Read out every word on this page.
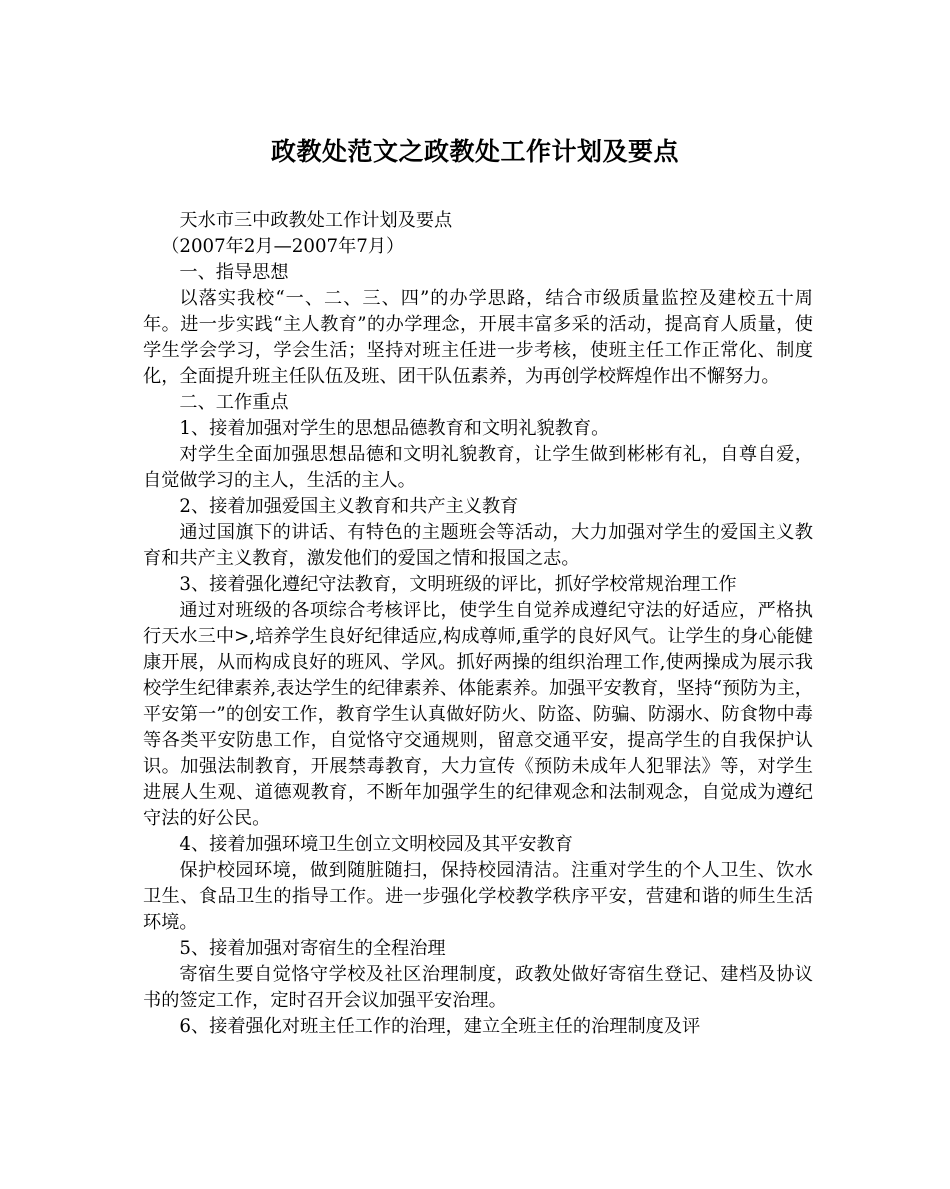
政教处范文之政教处工作计划及要点

天水市三中政教处工作计划及要点

（2007年2月—2007年7月）

一、指导思想

以落实我校“一、二、三、四”的办学思路，结合市级质量监控及建校五十周年。进一步实践“主人教育”的办学理念，开展丰富多采的活动，提高育人质量，使学生学会学习，学会生活；坚持对班主任进一步考核，使班主任工作正常化、制度化，全面提升班主任队伍及班、团干队伍素养，为再创学校辉煌作出不懈努力。

二、工作重点

1、接着加强对学生的思想品德教育和文明礼貌教育。

对学生全面加强思想品德和文明礼貌教育，让学生做到彬彬有礼，自尊自爱，自觉做学习的主人，生活的主人。

2、接着加强爱国主义教育和共产主义教育

通过国旗下的讲话、有特色的主题班会等活动，大力加强对学生的爱国主义教育和共产主义教育，激发他们的爱国之情和报国之志。

3、接着强化遵纪守法教育，文明班级的评比，抓好学校常规治理工作

通过对班级的各项综合考核评比，使学生自觉养成遵纪守法的好适应，严格执行天水三中>,培养学生良好纪律适应,构成尊师,重学的良好风气。让学生的身心能健康开展，从而构成良好的班风、学风。抓好两操的组织治理工作,使两操成为展示我校学生纪律素养,表达学生的纪律素养、体能素养。加强平安教育，坚持“预防为主，平安第一”的创安工作，教育学生认真做好防火、防盗、防骗、防溺水、防食物中毒等各类平安防患工作，自觉恪守交通规则，留意交通平安，提高学生的自我保护认识。加强法制教育，开展禁毒教育，大力宣传《预防未成年人犯罪法》等，对学生进展人生观、道德观教育，不断年加强学生的纪律观念和法制观念，自觉成为遵纪守法的好公民。

4、接着加强环境卫生创立文明校园及其平安教育

保护校园环境，做到随脏随扫，保持校园清洁。注重对学生的个人卫生、饮水卫生、食品卫生的指导工作。进一步强化学校教学秩序平安，营建和谐的师生生活环境。

5、接着加强对寄宿生的全程治理

寄宿生要自觉恪守学校及社区治理制度，政教处做好寄宿生登记、建档及协议书的签定工作，定时召开会议加强平安治理。

6、接着强化对班主任工作的治理，建立全班主任的治理制度及评
